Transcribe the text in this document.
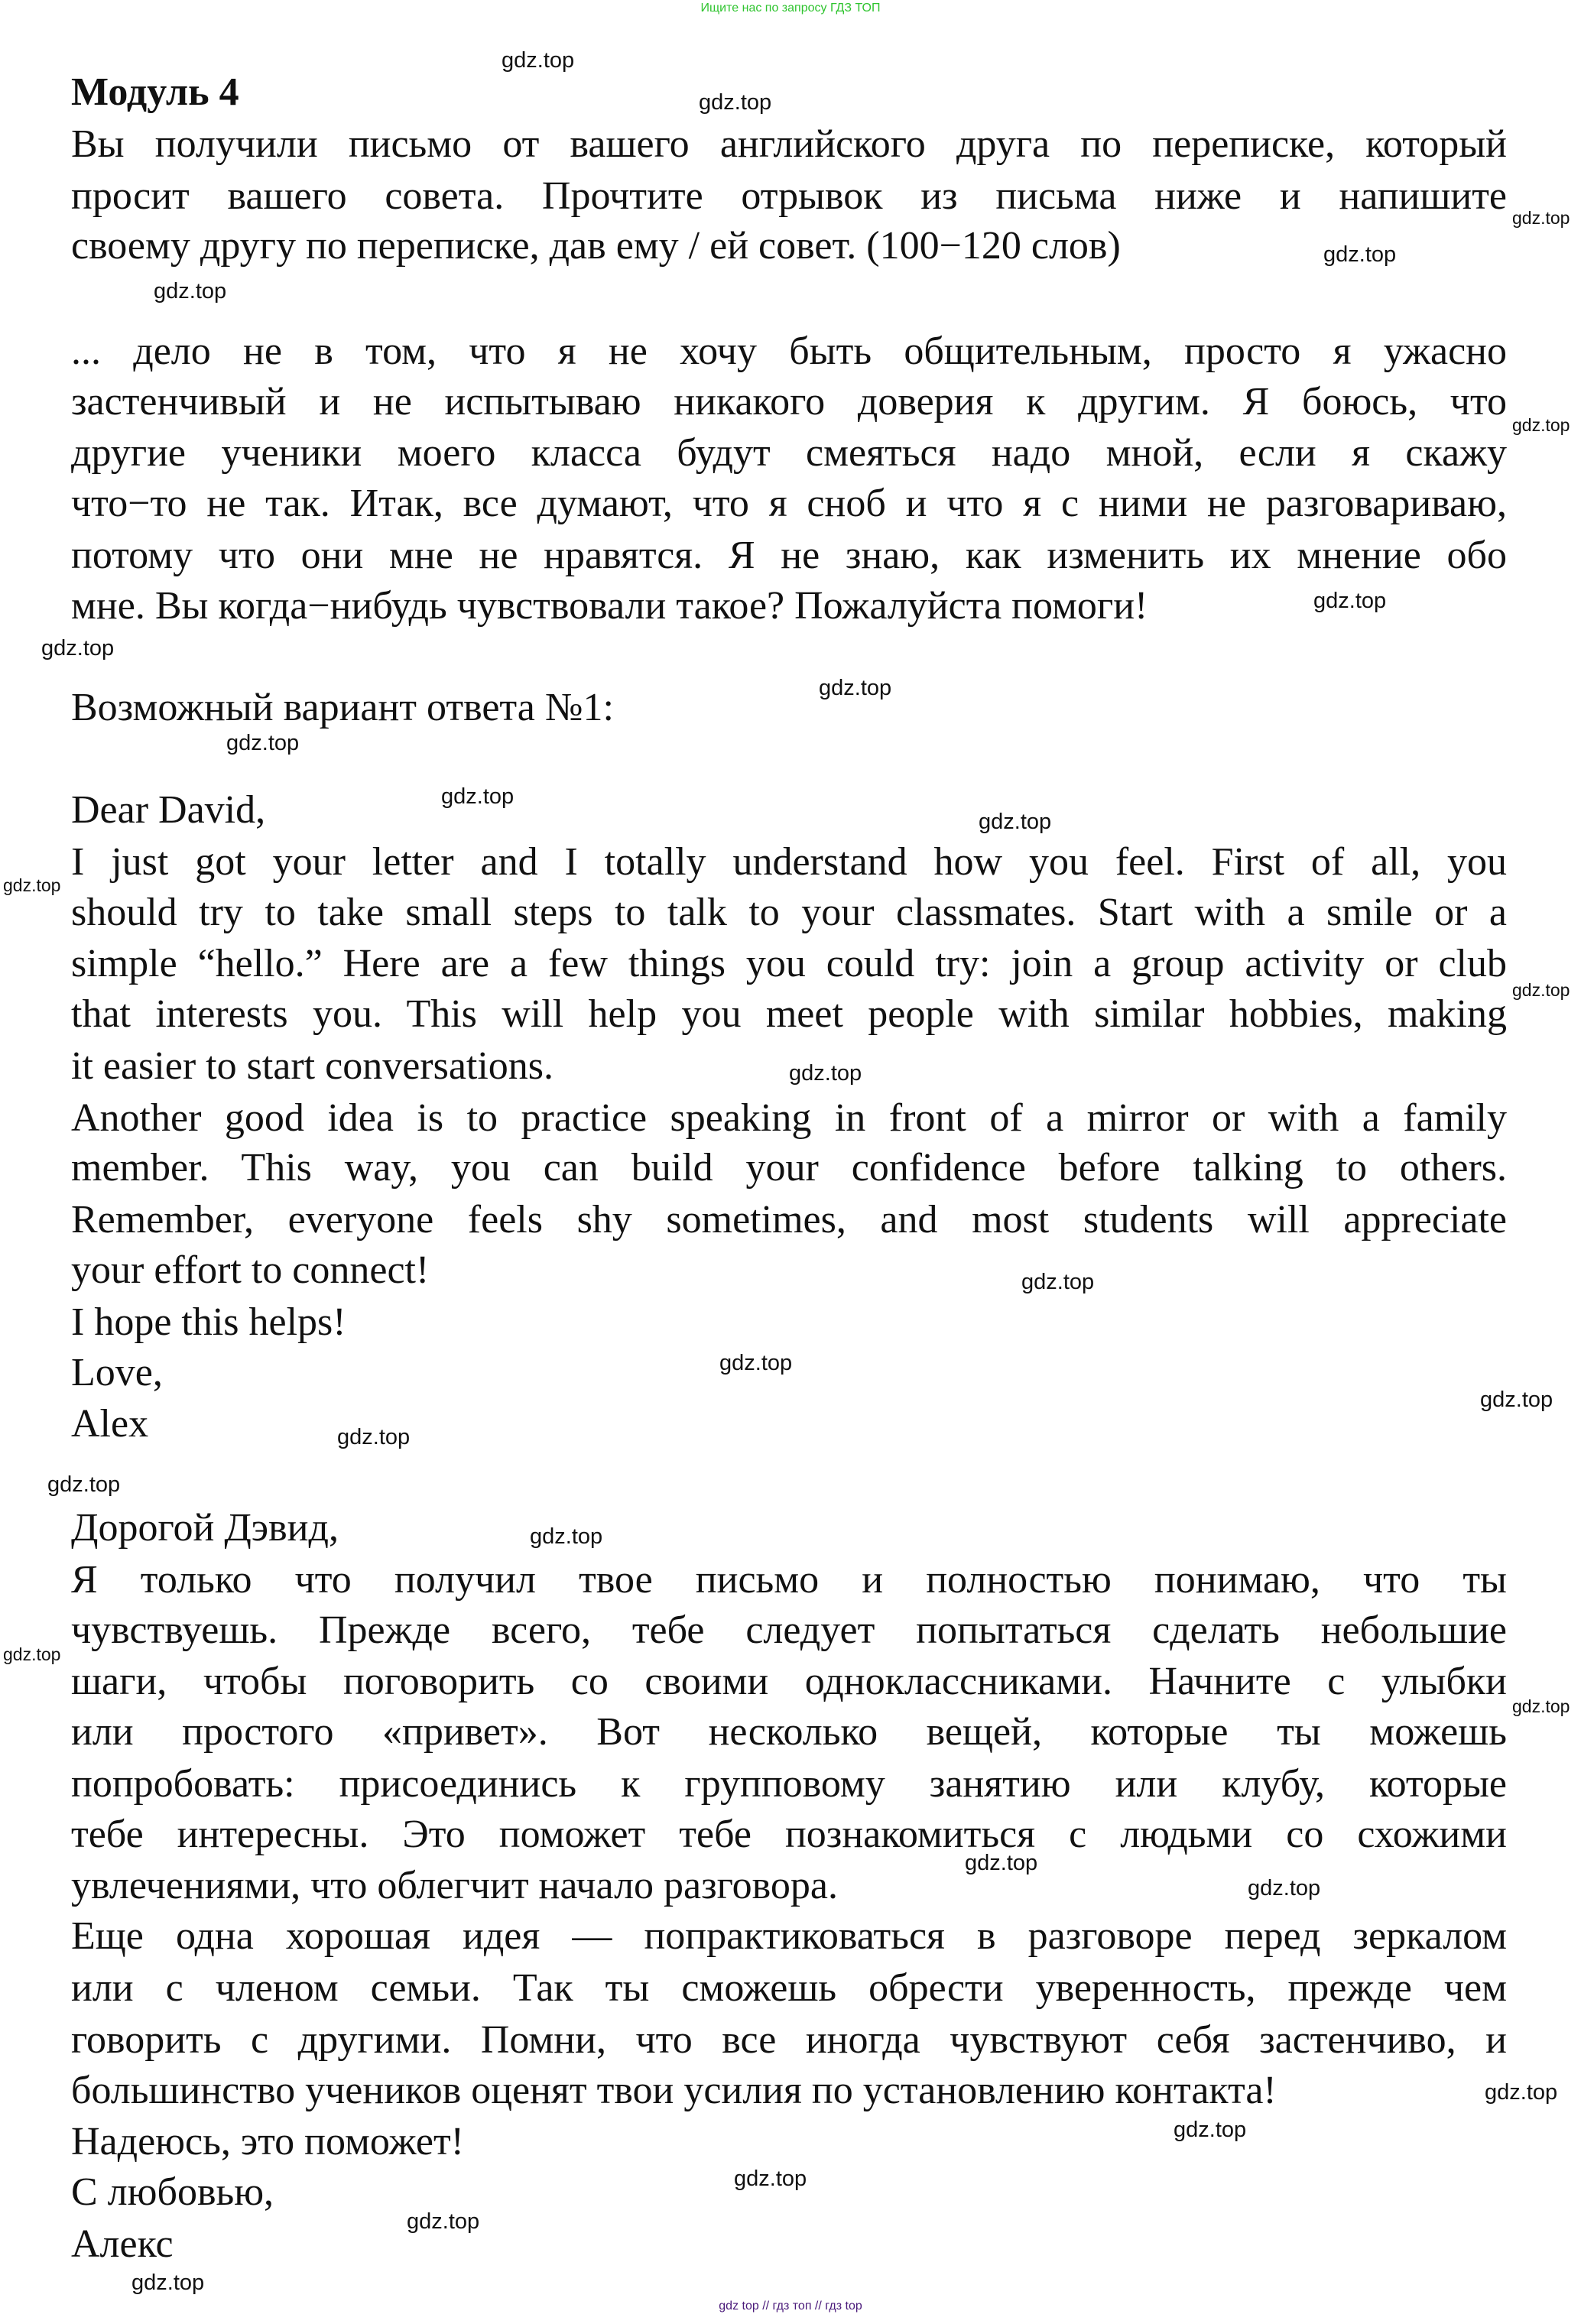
Ищите нас по запросу ГДЗ ТОП
Модуль 4
Вы получили письмо от вашего английского друга по переписке, который
просит вашего совета. Прочтите отрывок из письма ниже и напишите
своему другу по переписке, дав ему / ей совет. (100−120 слов)
... дело не в том, что я не хочу быть общительным, просто я ужасно
застенчивый и не испытываю никакого доверия к другим. Я боюсь, что
другие ученики моего класса будут смеяться надо мной, если я скажу
что−то не так. Итак, все думают, что я сноб и что я с ними не разговариваю,
потому что они мне не нравятся. Я не знаю, как изменить их мнение обо
мне. Вы когда−нибудь чувствовали такое? Пожалуйста помоги!
Возможный вариант ответа №1:
Dear David,
I just got your letter and I totally understand how you feel. First of all, you
should try to take small steps to talk to your classmates. Start with a smile or a
simple “hello.” Here are a few things you could try: join a group activity or club
that interests you. This will help you meet people with similar hobbies, making
it easier to start conversations.
Another good idea is to practice speaking in front of a mirror or with a family
member. This way, you can build your confidence before talking to others.
Remember, everyone feels shy sometimes, and most students will appreciate
your effort to connect!
I hope this helps!
Love,
Alex
Дорогой Дэвид,
Я только что получил твое письмо и полностью понимаю, что ты
чувствуешь. Прежде всего, тебе следует попытаться сделать небольшие
шаги, чтобы поговорить со своими одноклассниками. Начните с улыбки
или простого «привет». Вот несколько вещей, которые ты можешь
попробовать: присоединись к групповому занятию или клубу, которые
тебе интересны. Это поможет тебе познакомиться с людьми со схожими
увлечениями, что облегчит начало разговора.
Еще одна хорошая идея — попрактиковаться в разговоре перед зеркалом
или с членом семьи. Так ты сможешь обрести уверенность, прежде чем
говорить с другими. Помни, что все иногда чувствуют себя застенчиво, и
большинство учеников оценят твои усилия по установлению контакта!
Надеюсь, это поможет!
С любовью,
Алекс
gdz.top
gdz.top
gdz.top
gdz.top
gdz.top
gdz.top
gdz.top
gdz.top
gdz.top
gdz.top
gdz.top
gdz.top
gdz.top
gdz.top
gdz.top
gdz.top
gdz.top
gdz.top
gdz.top
gdz.top
gdz.top
gdz.top
gdz.top
gdz.top
gdz.top
gdz.top
gdz.top
gdz.top
gdz.top
gdz.top
gdz top // гдз топ // гдз top
